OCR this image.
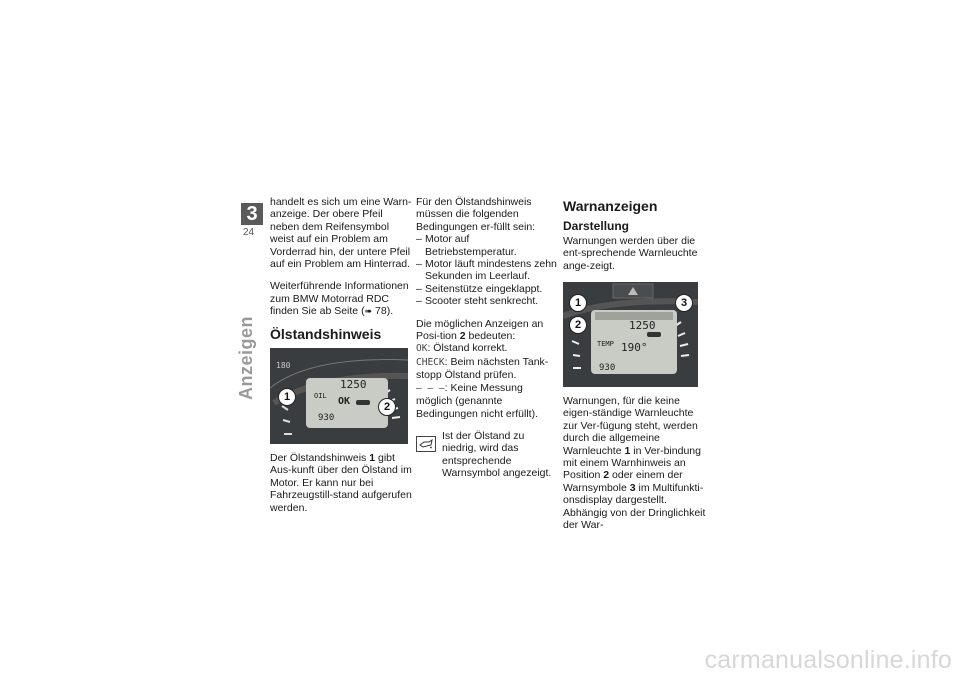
3
24
Anzeigen

handelt es sich um eine Warn-anzeige. Der obere Pfeil neben dem Reifensymbol weist auf ein Problem am Vorderrad hin, der untere Pfeil auf ein Problem am Hinterrad.

Weiterführende Informationen zum BMW Motorrad RDC finden Sie ab Seite (➠ 78).

Ölstandshinweis
180
OIL
1250
OK
930
1
2

Der Ölstandshinweis 1 gibt Aus-kunft über den Ölstand im Motor. Er kann nur bei Fahrzeugstill-stand aufgerufen werden.

Für den Ölstandshinweis müssen die folgenden Bedingungen er-füllt sein:

– Motor auf Betriebstemperatur.
– Motor läuft mindestens zehn Sekunden im Leerlauf.
– Seitenstütze eingeklappt.
– Scooter steht senkrecht.

Die möglichen Anzeigen an Posi-tion 2 bedeuten:

OK: Ölstand korrekt.
CHECK: Beim nächsten Tank-stopp Ölstand prüfen.
– – –: Keine Messung möglich (genannte Bedingungen nicht erfüllt).
Ist der Ölstand zu niedrig, wird das entsprechende Warnsymbol angezeigt.
Warnanzeigen
Darstellung

Warnungen werden über die ent-sprechende Warnleuchte ange-zeigt.

1250
TEMP 190°
930
1
2
3

Warnungen, für die keine eigen-ständige Warnleuchte zur Ver-fügung steht, werden durch die allgemeine Warnleuchte 1 in Ver-bindung mit einem Warnhinweis an Position 2 oder einem der Warnsymbole 3 im Multifunkti-onsdisplay dargestellt. Abhängig von der Dringlichkeit der War-

carmanualsonline.info
